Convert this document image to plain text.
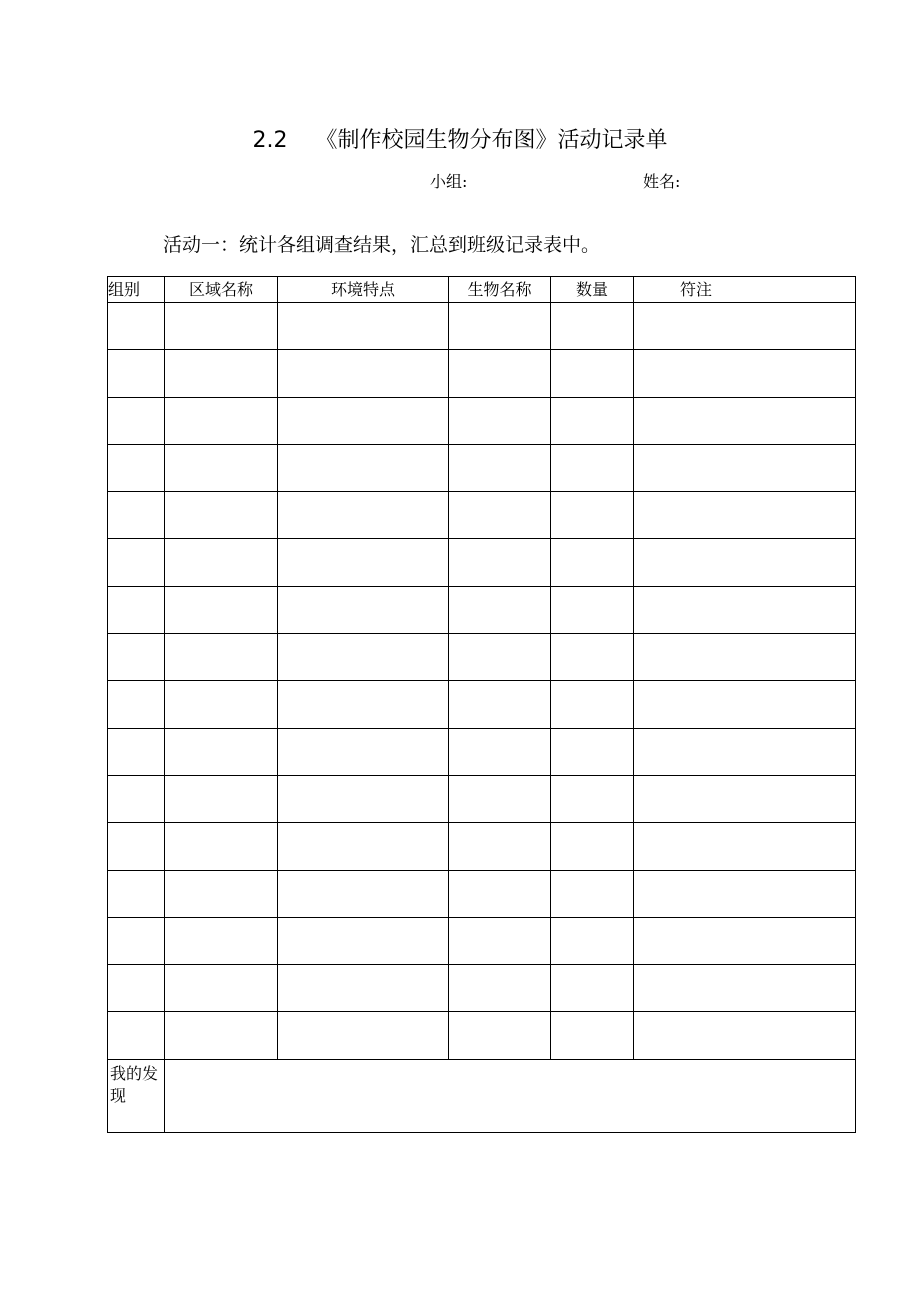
2.2 《制作校园生物分布图》活动记录单
小组:	姓名:
活动一：统计各组调查结果，汇总到班级记录表中。
组别	区域名称	环境特点	生物名称	数量	符注

我的发现					
